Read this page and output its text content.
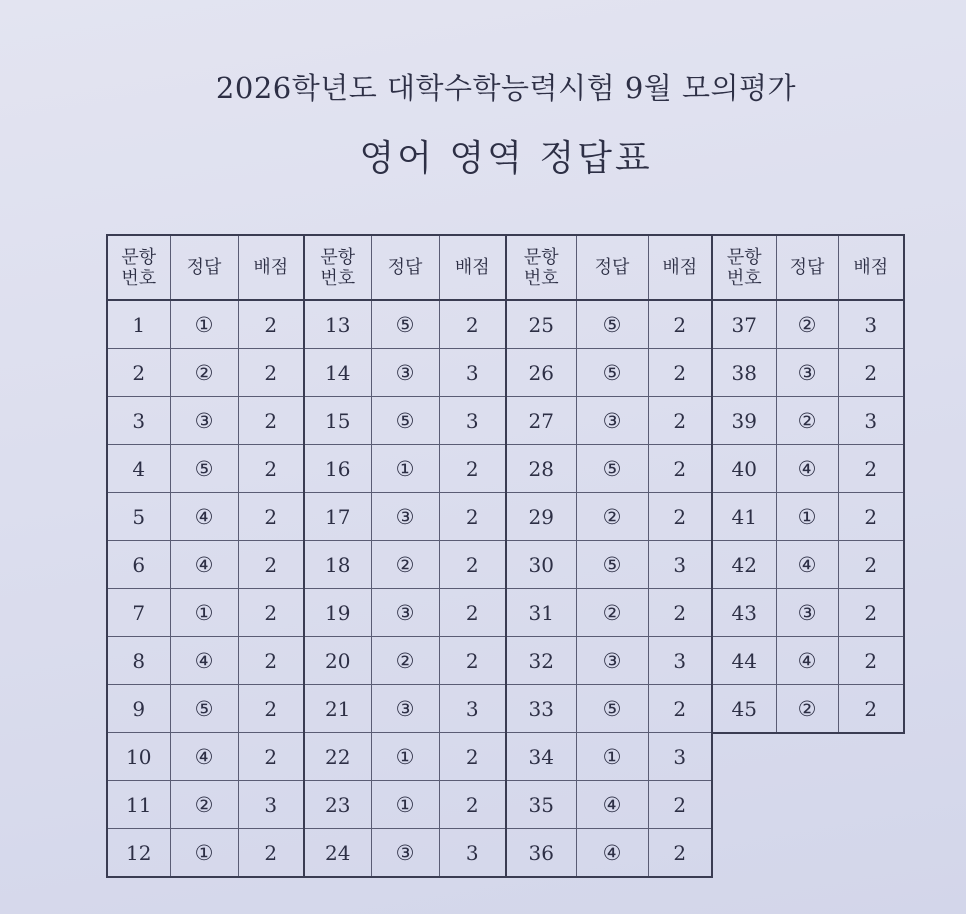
2026학년도 대학수학능력시험 9월 모의평가
영어 영역 정답표
문항
번호	정답	배점
1	①	2
2	②	2
3	③	2
4	⑤	2
5	④	2
6	④	2
7	①	2
8	④	2
9	⑤	2
10	④	2
11	②	3
12	①	2
문항
번호	정답	배점
13	⑤	2
14	③	3
15	⑤	3
16	①	2
17	③	2
18	②	2
19	③	2
20	②	2
21	③	3
22	①	2
23	①	2
24	③	3
문항
번호	정답	배점
25	⑤	2
26	⑤	2
27	③	2
28	⑤	2
29	②	2
30	⑤	3
31	②	2
32	③	3
33	⑤	2
34	①	3
35	④	2
36	④	2
문항
번호	정답	배점
37	②	3
38	③	2
39	②	3
40	④	2
41	①	2
42	④	2
43	③	2
44	④	2
45	②	2
